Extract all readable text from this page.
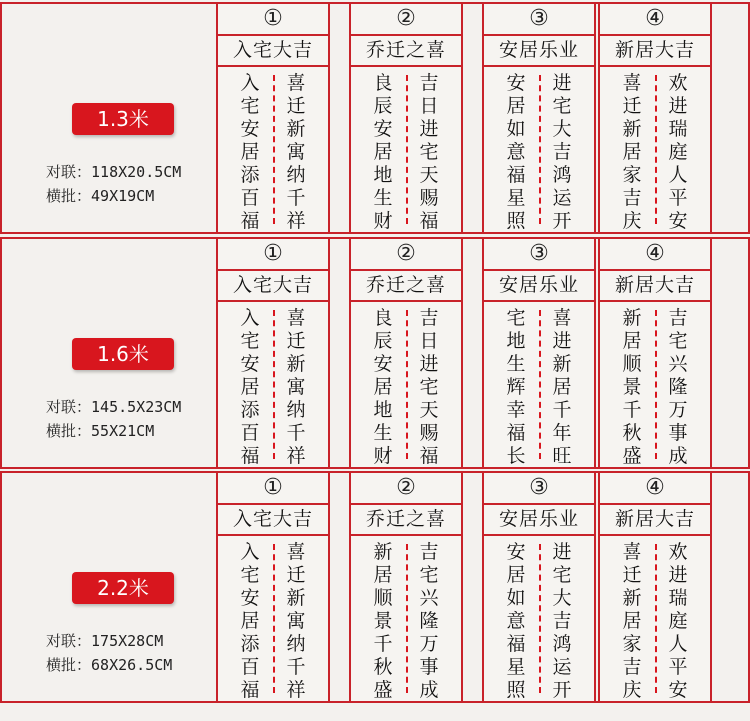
1.3米
对联：118X20.5CM
横批：49X19CM
①
入宅大吉
入
宅
安
居
添
百
福
喜
迁
新
寓
纳
千
祥
②
乔迁之喜
良
辰
安
居
地
生
财
吉
日
进
宅
天
赐
福
③
安居乐业
安
居
如
意
福
星
照
进
宅
大
吉
鸿
运
开
④
新居大吉
喜
迁
新
居
家
吉
庆
欢
进
瑞
庭
人
平
安
1.6米
对联：145.5X23CM
横批：55X21CM
①
入宅大吉
入
宅
安
居
添
百
福
喜
迁
新
寓
纳
千
祥
②
乔迁之喜
良
辰
安
居
地
生
财
吉
日
进
宅
天
赐
福
③
安居乐业
宅
地
生
辉
幸
福
长
喜
进
新
居
千
年
旺
④
新居大吉
新
居
顺
景
千
秋
盛
吉
宅
兴
隆
万
事
成
2.2米
对联：175X28CM
横批：68X26.5CM
①
入宅大吉
入
宅
安
居
添
百
福
喜
迁
新
寓
纳
千
祥
②
乔迁之喜
新
居
顺
景
千
秋
盛
吉
宅
兴
隆
万
事
成
③
安居乐业
安
居
如
意
福
星
照
进
宅
大
吉
鸿
运
开
④
新居大吉
喜
迁
新
居
家
吉
庆
欢
进
瑞
庭
人
平
安
